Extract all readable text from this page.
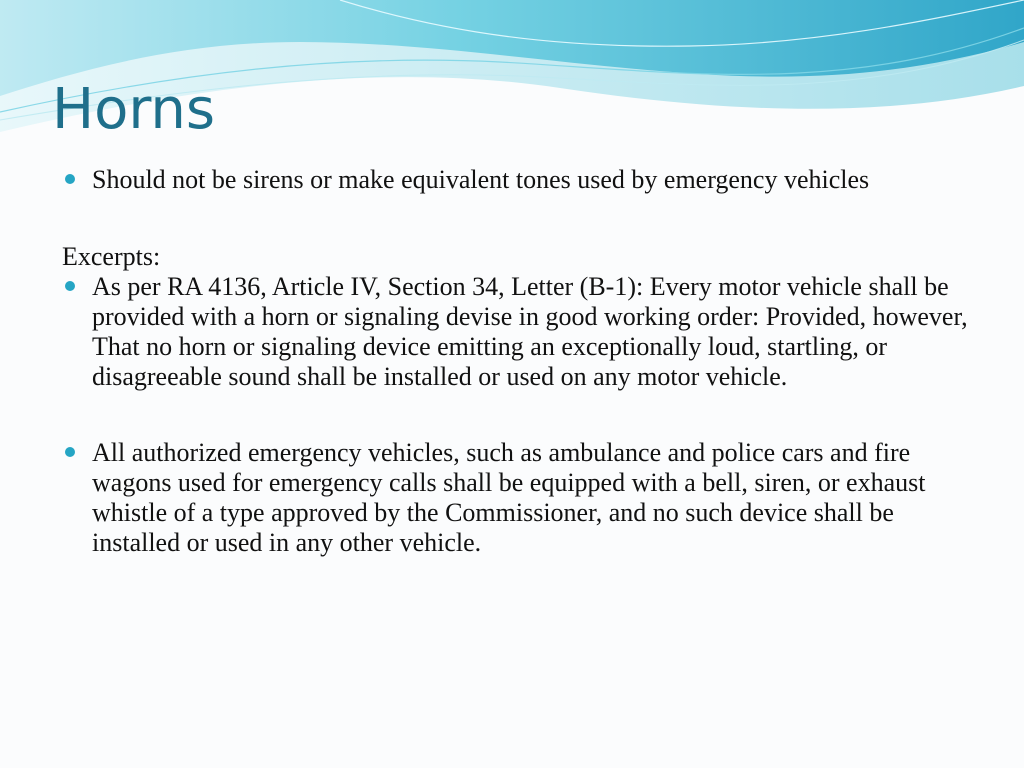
Horns
Should not be sirens or make equivalent tones used by emergency vehicles
Excerpts:
As per RA 4136, Article IV, Section 34, Letter (B-1): Every motor vehicle shall be provided with a horn or signaling devise in good working order: Provided, however, That no horn or signaling device emitting an exceptionally loud, startling, or disagreeable sound shall be installed or used on any motor vehicle.
All authorized emergency vehicles, such as ambulance and police cars and fire wagons used for emergency calls shall be equipped with a bell, siren, or exhaust whistle of a type approved by the Commissioner, and no such device shall be installed or used in any other vehicle.
